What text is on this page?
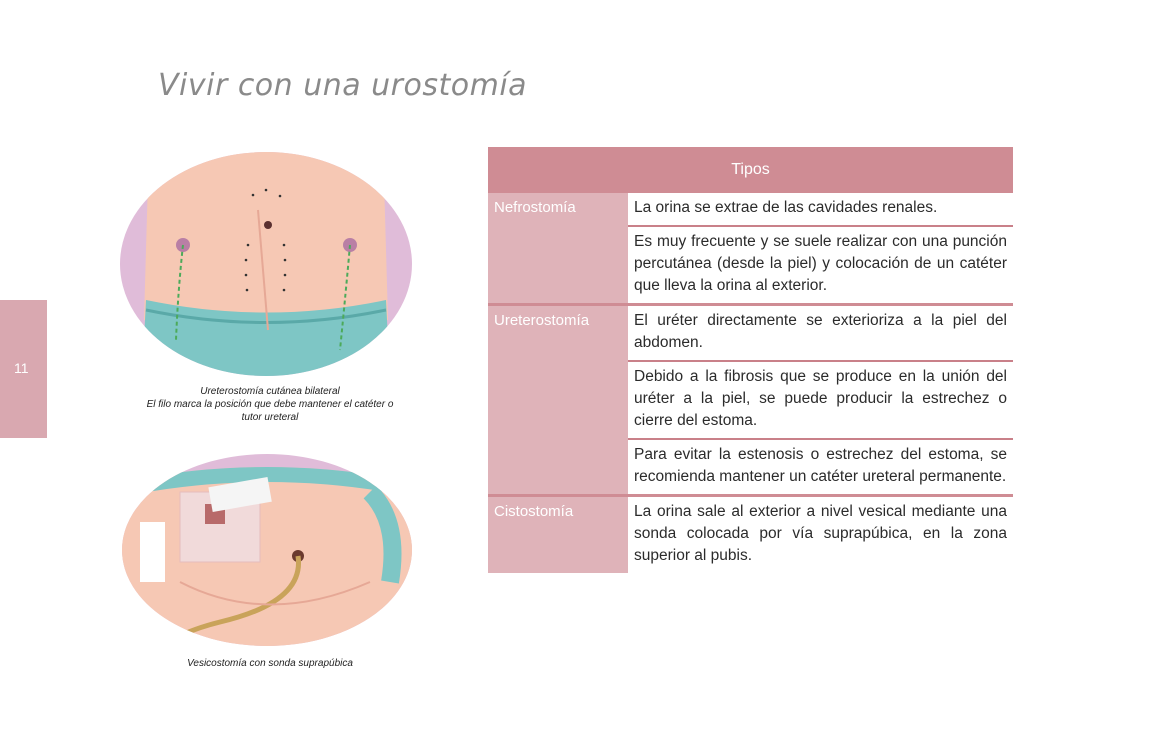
Vivir con una urostomía
11
Ureterostomía cutánea bilateral
El filo marca la posición que debe mantener el catéter o
tutor ureteral
Vesicostomía con sonda suprapúbica
Tipos	
Nefrostomía	La orina se extrae de las cavidades renales.
	Es muy frecuente y se suele realizar con una punción percutánea (desde la piel) y colocación de un catéter que lleva la orina al exterior.
Ureterostomía	El uréter directamente se exterioriza a la piel del abdomen.
	Debido a la fibrosis que se produce en la unión del uréter a la piel, se puede producir la estrechez o cierre del estoma.
	Para evitar la estenosis o estrechez del estoma, se recomienda mantener un catéter ureteral permanente.
Cistostomía	La orina sale al exterior a nivel vesical mediante una sonda colocada por vía suprapúbica, en la zona superior al pubis.
